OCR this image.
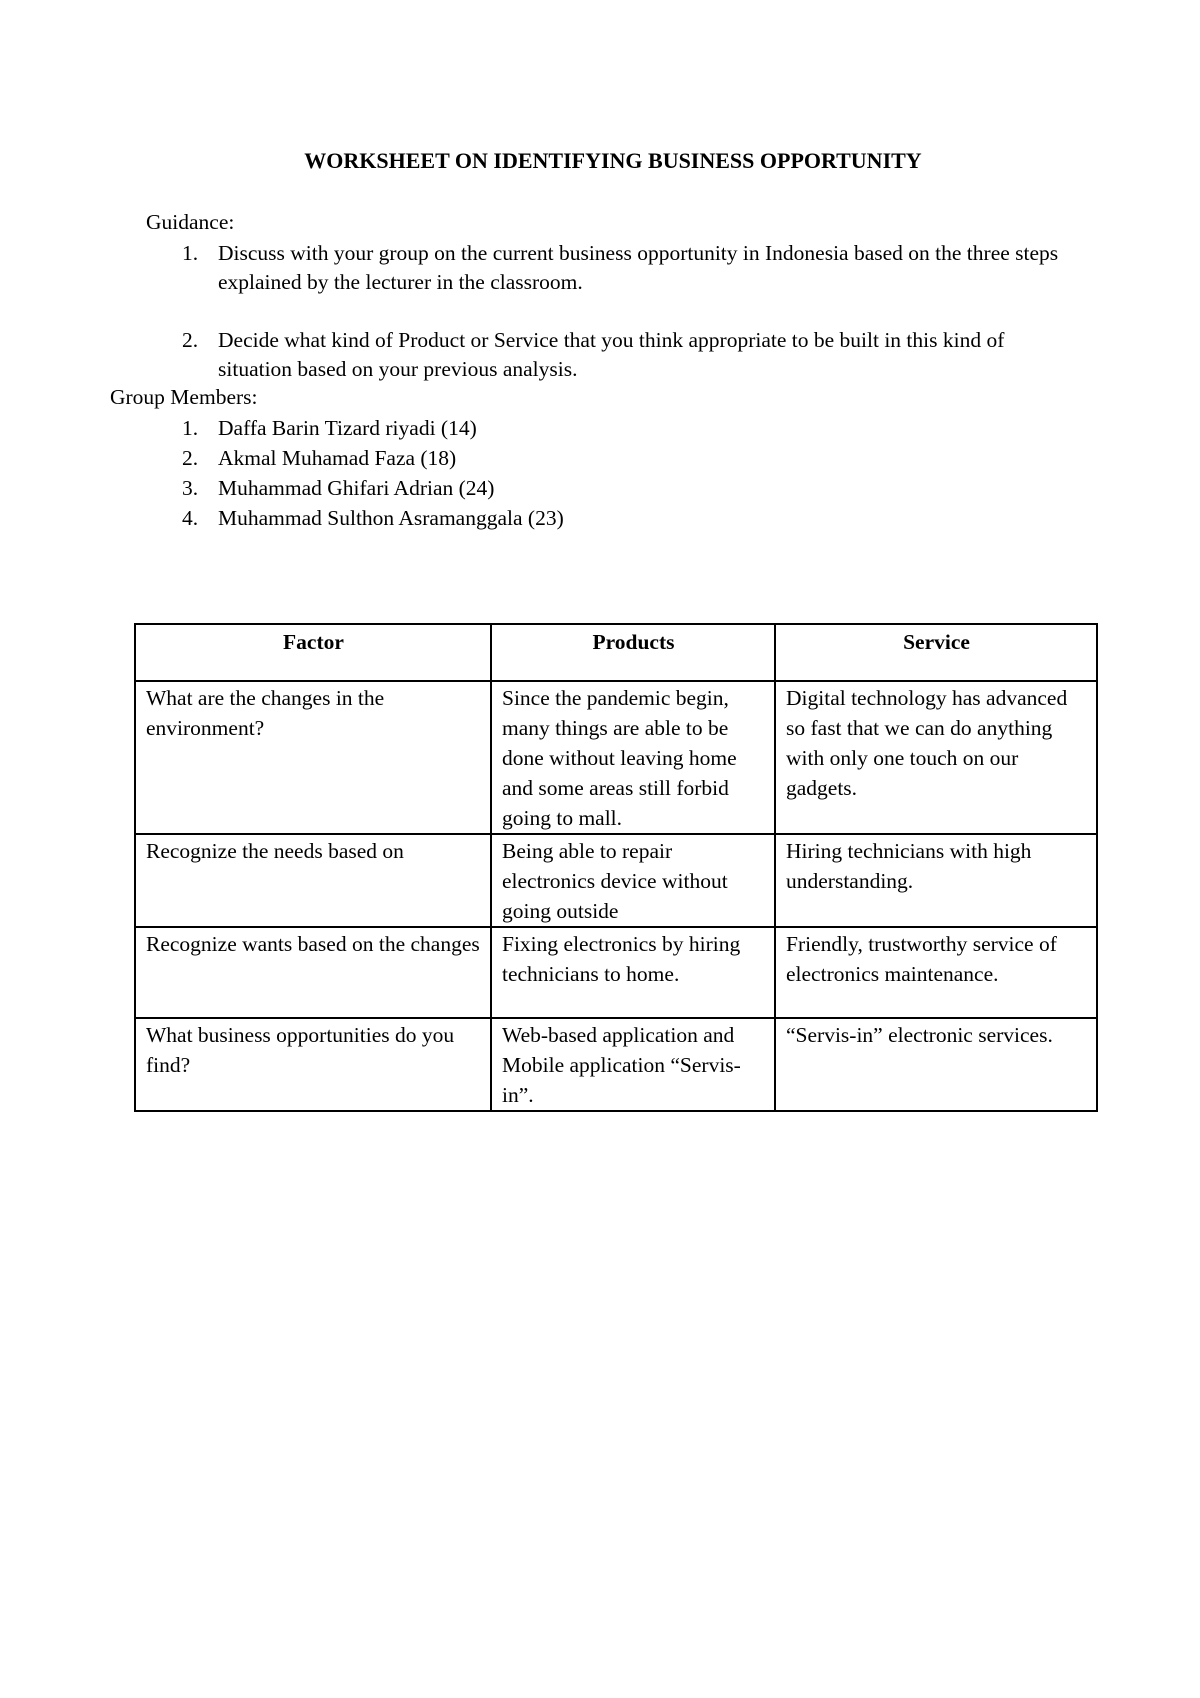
WORKSHEET ON IDENTIFYING BUSINESS OPPORTUNITY
Guidance:
1. Discuss with your group on the current business opportunity in Indonesia based on the three steps explained by the lecturer in the classroom.
2. Decide what kind of Product or Service that you think appropriate to be built in this kind of situation based on your previous analysis.
Group Members:
1. Daffa Barin Tizard riyadi (14)
2. Akmal Muhamad Faza (18)
3. Muhammad Ghifari Adrian (24)
4. Muhammad Sulthon Asramanggala (23)
Factor	Products	Service
What are the changes in the environment?	Since the pandemic begin, many things are able to be done without leaving home and some areas still forbid going to mall.	Digital technology has advanced so fast that we can do anything with only one touch on our gadgets.
Recognize the needs based on	Being able to repair electronics device without going outside	Hiring technicians with high understanding.
Recognize wants based on the changes	Fixing electronics by hiring technicians to home.	Friendly, trustworthy service of electronics maintenance.
What business opportunities do you find?	Web-based application and Mobile application “Servis-in”.	“Servis-in” electronic services.
